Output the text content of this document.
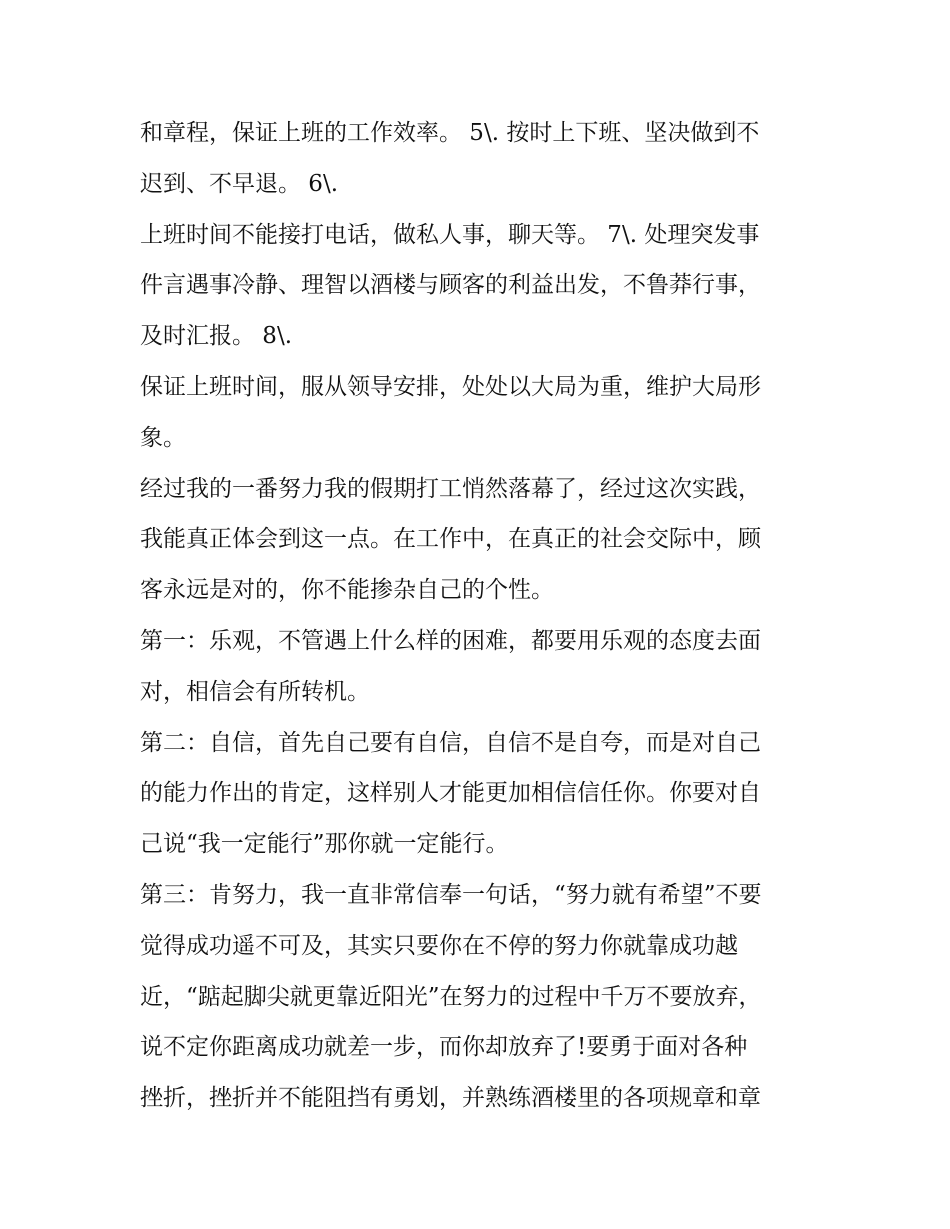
和章程，保证上班的工作效率。 5\. 按时上下班、坚决做到不
迟到、不早退。 6\.
上班时间不能接打电话，做私人事，聊天等。 7\. 处理突发事
件言遇事冷静、理智以酒楼与顾客的利益出发，不鲁莽行事，
及时汇报。 8\.
保证上班时间，服从领导安排，处处以大局为重，维护大局形
象。
经过我的一番努力我的假期打工悄然落幕了，经过这次实践，
我能真正体会到这一点。在工作中，在真正的社会交际中，顾
客永远是对的，你不能掺杂自己的个性。
第一：乐观，不管遇上什么样的困难，都要用乐观的态度去面
对，相信会有所转机。
第二：自信，首先自己要有自信，自信不是自夸，而是对自己
的能力作出的肯定，这样别人才能更加相信信任你。你要对自
己说“我一定能行”那你就一定能行。
第三：肯努力，我一直非常信奉一句话，“努力就有希望”不要
觉得成功遥不可及，其实只要你在不停的努力你就靠成功越
近，“踮起脚尖就更靠近阳光”在努力的过程中千万不要放弃，
说不定你距离成功就差一步，而你却放弃了!要勇于面对各种
挫折，挫折并不能阻挡有勇划，并熟练酒楼里的各项规章和章
